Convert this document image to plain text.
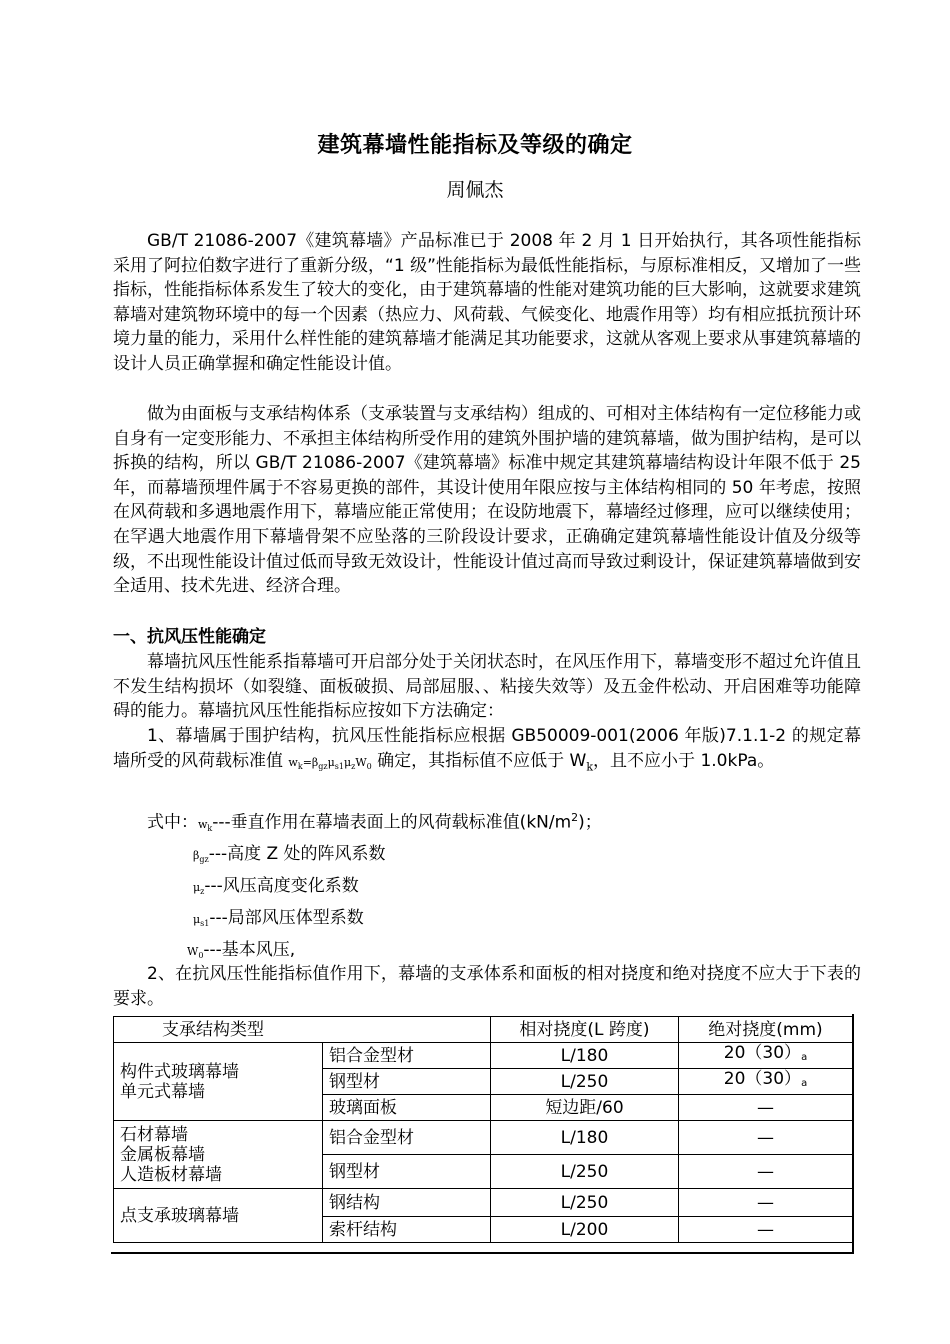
建筑幕墙性能指标及等级的确定
周佩杰

GB/T 21086-2007《建筑幕墙》产品标准已于 2008 年 2 月 1 日开始执行，其各项性能指标采用了阿拉伯数字进行了重新分级，“1 级”性能指标为最低性能指标，与原标准相反，又增加了一些指标，性能指标体系发生了较大的变化，由于建筑幕墙的性能对建筑功能的巨大影响，这就要求建筑幕墙对建筑物环境中的每一个因素（热应力、风荷载、气候变化、地震作用等）均有相应抵抗预计环境力量的能力，采用什么样性能的建筑幕墙才能满足其功能要求，这就从客观上要求从事建筑幕墙的设计人员正确掌握和确定性能设计值。

做为由面板与支承结构体系（支承装置与支承结构）组成的、可相对主体结构有一定位移能力或自身有一定变形能力、不承担主体结构所受作用的建筑外围护墙的建筑幕墙，做为围护结构，是可以拆换的结构，所以 GB/T 21086-2007《建筑幕墙》标准中规定其建筑幕墙结构设计年限不低于 25 年，而幕墙预埋件属于不容易更换的部件，其设计使用年限应按与主体结构相同的 50 年考虑，按照在风荷载和多遇地震作用下，幕墙应能正常使用；在设防地震下，幕墙经过修理，应可以继续使用；在罕遇大地震作用下幕墙骨架不应坠落的三阶段设计要求，正确确定建筑幕墙性能设计值及分级等级，不出现性能设计值过低而导致无效设计，性能设计值过高而导致过剩设计，保证建筑幕墙做到安全适用、技术先进、经济合理。

一、抗风压性能确定

幕墙抗风压性能系指幕墙可开启部分处于关闭状态时，在风压作用下，幕墙变形不超过允许值且不发生结构损坏（如裂缝、面板破损、局部屈服、、粘接失效等）及五金件松动、开启困难等功能障碍的能力。幕墙抗风压性能指标应按如下方法确定：

1、幕墙属于围护结构，抗风压性能指标应根据 GB50009-001(2006 年版)7.1.1-2 的规定幕墙所受的风荷载标准值 $w_k=\beta_{gz}\mu_{s1}\mu_zW_0$ 确定，其指标值不应低于 $W_k$，且不应小于 1.0kPa。

式中：$w_k---$垂直作用在幕墙表面上的风荷载标准值$(kN/m^2)$；
$\beta_{gz}---$高度 Z 处的阵风系数
$\mu_z---$风压高度变化系数
$\mu_{s1}---$局部风压体型系数
$W_0---$基本风压,

2、在抗风压性能指标值作用下，幕墙的支承体系和面板的相对挠度和绝对挠度不应大于下表的要求。

支承结构类型		相对挠度(L 跨度)	绝对挠度(mm)

构件式玻璃幕墙
单元式幕墙	铝合金型材	L/180	20（30）a
	钢型材	L/250	20（30）a
	玻璃面板	短边距/60	—

石材幕墙
金属板幕墙
人造板材幕墙	铝合金型材	L/180	—
	钢型材	L/250	—

点支承玻璃幕墙	钢结构	L/250	—
	索杆结构	L/200	—
